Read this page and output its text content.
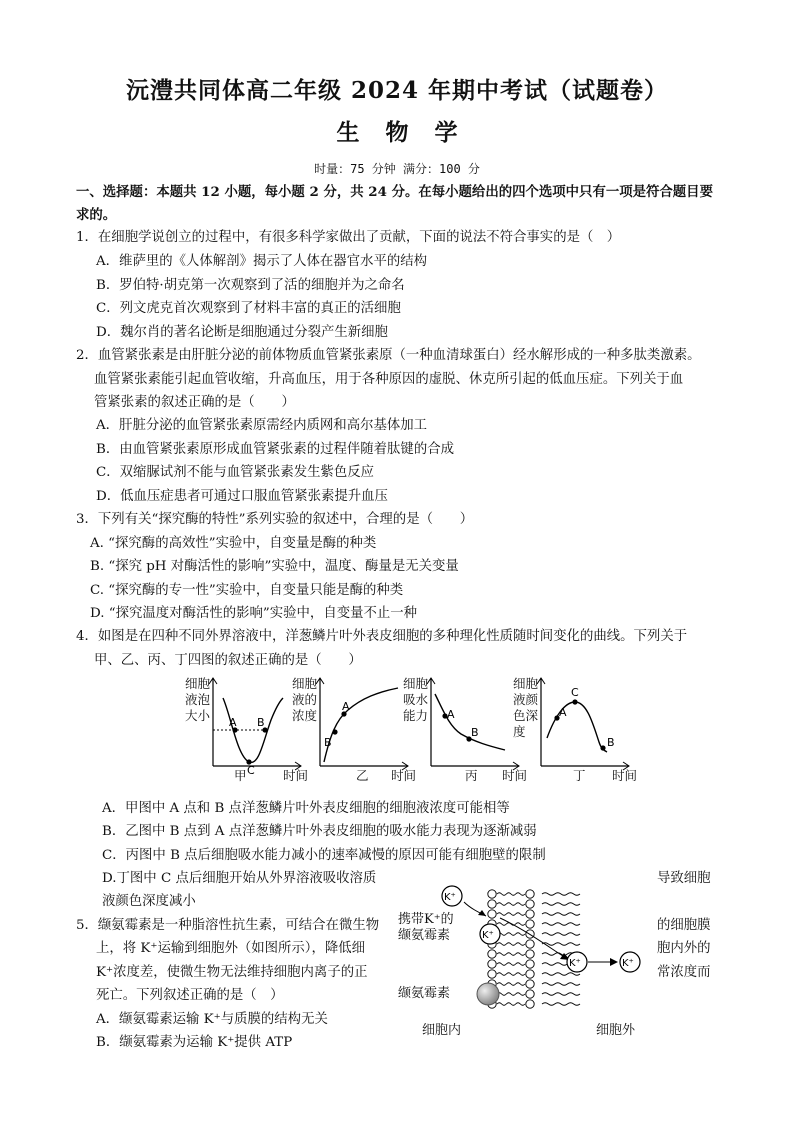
沅澧共同体高二年级 2024 年期中考试（试题卷）
生 物 学
时量：75 分钟 满分：100 分
一、选择题：本题共 12 小题，每小题 2 分，共 24 分。在每小题给出的四个选项中只有一项是符合题目要
求的。
1．在细胞学说创立的过程中，有很多科学家做出了贡献，下面的说法不符合事实的是（　）
A．维萨里的《人体解剖》揭示了人体在器官水平的结构
B．罗伯特·胡克第一次观察到了活的细胞并为之命名
C．列文虎克首次观察到了材料丰富的真正的活细胞
D．魏尔肖的著名论断是细胞通过分裂产生新细胞
2．血管紧张素是由肝脏分泌的前体物质血管紧张素原（一种血清球蛋白）经水解形成的一种多肽类激素。
血管紧张素能引起血管收缩，升高血压，用于各种原因的虚脱、休克所引起的低血压症。下列关于血
管紧张素的叙述正确的是（　　）
A．肝脏分泌的血管紧张素原需经内质网和高尔基体加工
B．由血管紧张素原形成血管紧张素的过程伴随着肽键的合成
C．双缩脲试剂不能与血管紧张素发生紫色反应
D．低血压症患者可通过口服血管紧张素提升血压
3．下列有关“探究酶的特性”系列实验的叙述中，合理的是（　　）
A. “探究酶的高效性”实验中，自变量是酶的种类
B. “探究 pH 对酶活性的影响”实验中，温度、酶量是无关变量
C. “探究酶的专一性”实验中，自变量只能是酶的种类
D. “探究温度对酶活性的影响”实验中，自变量不止一种
4．如图是在四种不同外界溶液中，洋葱鳞片叶外表皮细胞的多种理化性质随时间变化的曲线。下列关于
甲、乙、丙、丁四图的叙述正确的是（　　）
细胞
液泡
大小 A B
C
甲	时间
细胞
液的
浓度
A
B
乙 时间
细胞
吸水
能力 A
B
丙 时间
细胞
液颜
色深
度
C
A
B
丁 时间
A．甲图中 A 点和 B 点洋葱鳞片叶外表皮细胞的细胞液浓度可能相等
B．乙图中 B 点到 A 点洋葱鳞片叶外表皮细胞的吸水能力表现为逐渐减弱
C．丙图中 B 点后细胞吸水能力减小的速率减慢的原因可能有细胞壁的限制
D.丁图中 C 点后细胞开始从外界溶液吸收溶质	导致细胞
液颜色深度减小
5．缬氨霉素是一种脂溶性抗生素，可结合在微生物	的细胞膜
上，将 K⁺运输到细胞外（如图所示），降低细	胞内外的
K⁺浓度差，使微生物无法维持细胞内离子的正	常浓度而
死亡。下列叙述正确的是（　）
A．缬氨霉素运输 K⁺与质膜的结构无关
B．缬氨霉素为运输 K⁺提供 ATP
携带K⁺的
缬氨霉素
缬氨霉素
细胞内	细胞外
K⁺
K⁺
K⁺	K⁺
